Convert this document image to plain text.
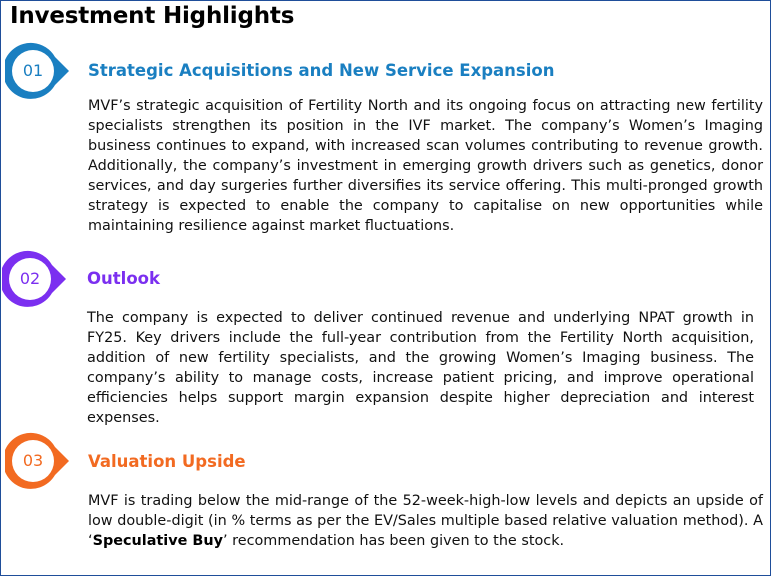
Investment Highlights
01	Strategic Acquisitions and New Service Expansion

MVF’s strategic acquisition of Fertility North and its ongoing focus on attracting new fertility specialists strengthen its position in the IVF market. The company’s Women’s Imaging business continues to expand, with increased scan volumes contributing to revenue growth. Additionally, the company’s investment in emerging growth drivers such as genetics, donor services, and day surgeries further diversifies its service offering. This multi-pronged growth strategy is expected to enable the company to capitalise on new opportunities while maintaining resilience against market fluctuations.

02	Outlook

The company is expected to deliver continued revenue and underlying NPAT growth in FY25. Key drivers include the full-year contribution from the Fertility North acquisition, addition of new fertility specialists, and the growing Women’s Imaging business. The company’s ability to manage costs, increase patient pricing, and improve operational efficiencies helps support margin expansion despite higher depreciation and interest expenses.

03	Valuation Upside

MVF is trading below the mid-range of the 52-week-high-low levels and depicts an upside of low double-digit (in % terms as per the EV/Sales multiple based relative valuation method). A ‘Speculative Buy’ recommendation has been given to the stock.
